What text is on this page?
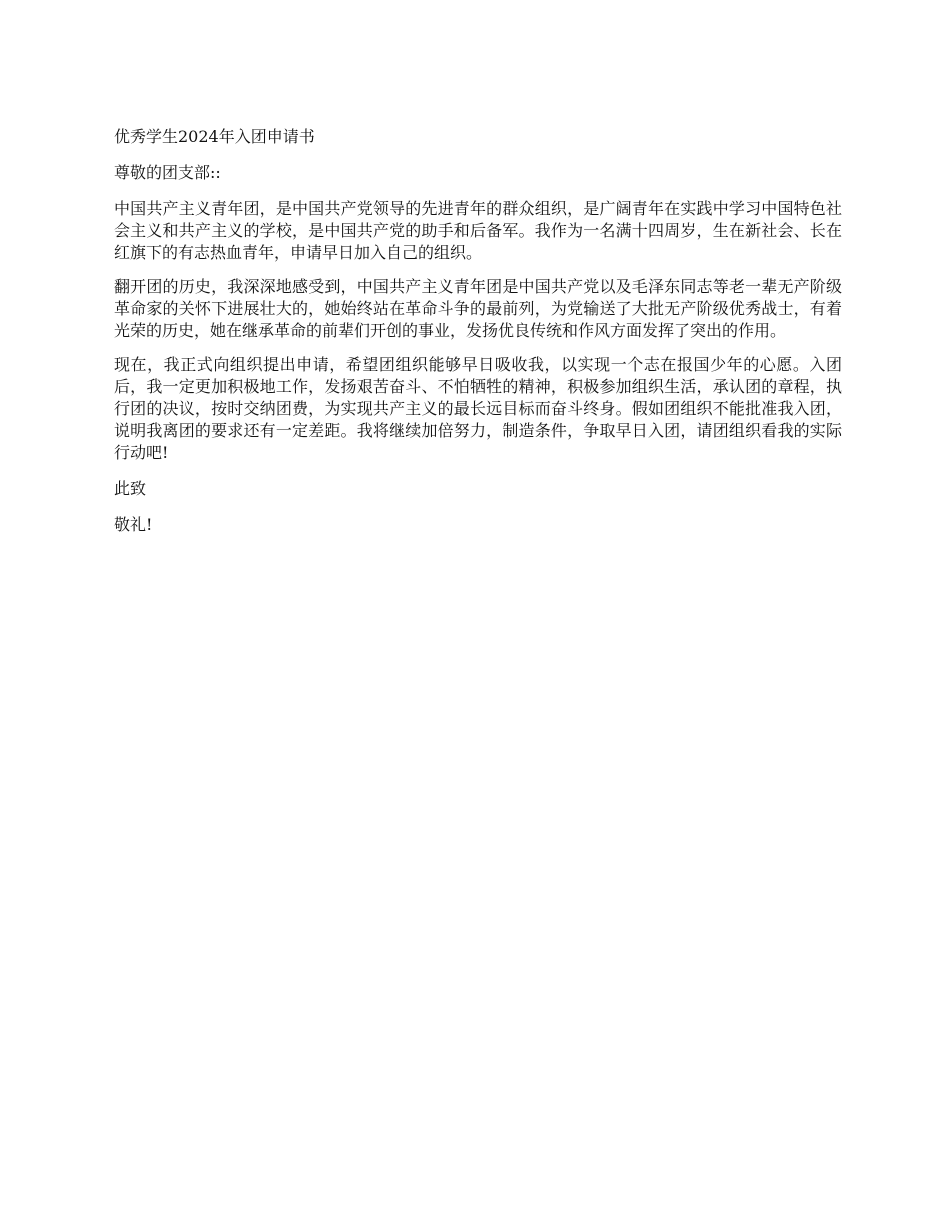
优秀学生2024年入团申请书

尊敬的团支部::

中国共产主义青年团，是中国共产党领导的先进青年的群众组织，是广阔青年在实践中学习中国特色社会主义和共产主义的学校，是中国共产党的助手和后备军。我作为一名满十四周岁，生在新社会、长在红旗下的有志热血青年，申请早日加入自己的组织。

翻开团的历史，我深深地感受到，中国共产主义青年团是中国共产党以及毛泽东同志等老一辈无产阶级革命家的关怀下进展壮大的，她始终站在革命斗争的最前列，为党输送了大批无产阶级优秀战士，有着光荣的历史，她在继承革命的前辈们开创的事业，发扬优良传统和作风方面发挥了突出的作用。

现在，我正式向组织提出申请，希望团组织能够早日吸收我，以实现一个志在报国少年的心愿。入团后，我一定更加积极地工作，发扬艰苦奋斗、不怕牺牲的精神，积极参加组织生活，承认团的章程，执行团的决议，按时交纳团费，为实现共产主义的最长远目标而奋斗终身。假如团组织不能批准我入团，说明我离团的要求还有一定差距。我将继续加倍努力，制造条件，争取早日入团，请团组织看我的实际行动吧!

此致

敬礼!
